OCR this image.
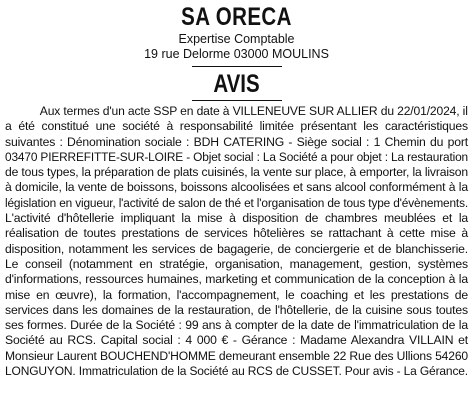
SA ORECA
Expertise Comptable
19 rue Delorme 03000 MOULINS
AVIS
Aux termes d'un acte SSP en date à VILLENEUVE SUR ALLIER du 22/01/2024, il
a été constitué une société à responsabilité limitée présentant les caractéristiques
suivantes : Dénomination sociale : BDH CATERING - Siège social : 1 Chemin du port
03470 PIERREFITTE-SUR-LOIRE - Objet social : La Société a pour objet : La restauration
de tous types, la préparation de plats cuisinés, la vente sur place, à emporter, la livraison
à domicile, la vente de boissons, boissons alcoolisées et sans alcool conformément à la
législation en vigueur, l'activité de salon de thé et l'organisation de tous type d'évènements.
L'activité d'hôtellerie impliquant la mise à disposition de chambres meublées et la
réalisation de toutes prestations de services hôtelières se rattachant à cette mise à
disposition, notamment les services de bagagerie, de conciergerie et de blanchisserie.
Le conseil (notamment en stratégie, organisation, management, gestion, systèmes
d'informations, ressources humaines, marketing et communication de la conception à la
mise en œuvre), la formation, l'accompagnement, le coaching et les prestations de
services dans les domaines de la restauration, de l'hôtellerie, de la cuisine sous toutes
ses formes. Durée de la Société : 99 ans à compter de la date de l'immatriculation de la
Société au RCS. Capital social : 4 000 € - Gérance : Madame Alexandra VILLAIN et
Monsieur Laurent BOUCHEND'HOMME demeurant ensemble 22 Rue des Ullions 54260
LONGUYON. Immatriculation de la Société au RCS de CUSSET. Pour avis - La Gérance.
